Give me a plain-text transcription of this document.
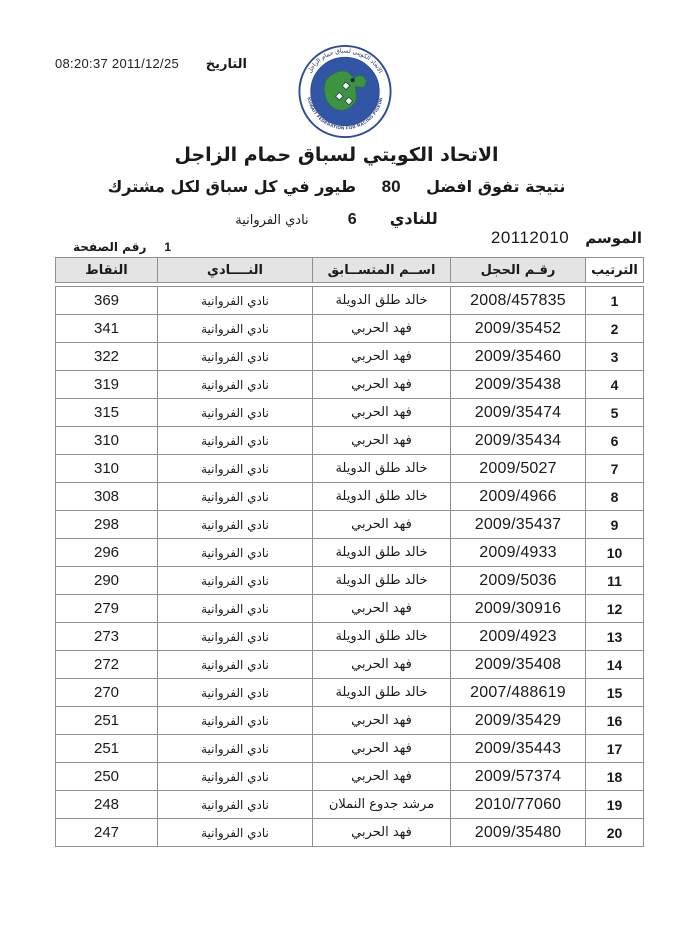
08:20:37 2011/12/25 التاريخ	الاتحاد الكويتي لسباق حمام الزاجل
KUWAIT FEDERATION FOR RACING PIGEON
الاتحاد الكويتي لسباق حمام الزاجل
نتيجة تفوق افضل 80 طيور في كل سباق لكل مشترك
للنادي 6 نادي الفروانية
الموسم
20112010
رقم الصفحة 1
النقاط	النــــادي	اســم المتســابق	رقـم الحجل	الترتيب
369	نادي الفروانية	خالد طلق الدويلة	2008/457835	1
341	نادي الفروانية	فهد الحربي	2009/35452	2
322	نادي الفروانية	فهد الحربي	2009/35460	3
319	نادي الفروانية	فهد الحربي	2009/35438	4
315	نادي الفروانية	فهد الحربي	2009/35474	5
310	نادي الفروانية	فهد الحربي	2009/35434	6
310	نادي الفروانية	خالد طلق الدويلة	2009/5027	7
308	نادي الفروانية	خالد طلق الدويلة	2009/4966	8
298	نادي الفروانية	فهد الحربي	2009/35437	9
296	نادي الفروانية	خالد طلق الدويلة	2009/4933	10
290	نادي الفروانية	خالد طلق الدويلة	2009/5036	11
279	نادي الفروانية	فهد الحربي	2009/30916	12
273	نادي الفروانية	خالد طلق الدويلة	2009/4923	13
272	نادي الفروانية	فهد الحربي	2009/35408	14
270	نادي الفروانية	خالد طلق الدويلة	2007/488619	15
251	نادي الفروانية	فهد الحربي	2009/35429	16
251	نادي الفروانية	فهد الحربي	2009/35443	17
250	نادي الفروانية	فهد الحربي	2009/57374	18
248	نادي الفروانية	مرشد جدوع النملان	2010/77060	19
247	نادي الفروانية	فهد الحربي	2009/35480	20
